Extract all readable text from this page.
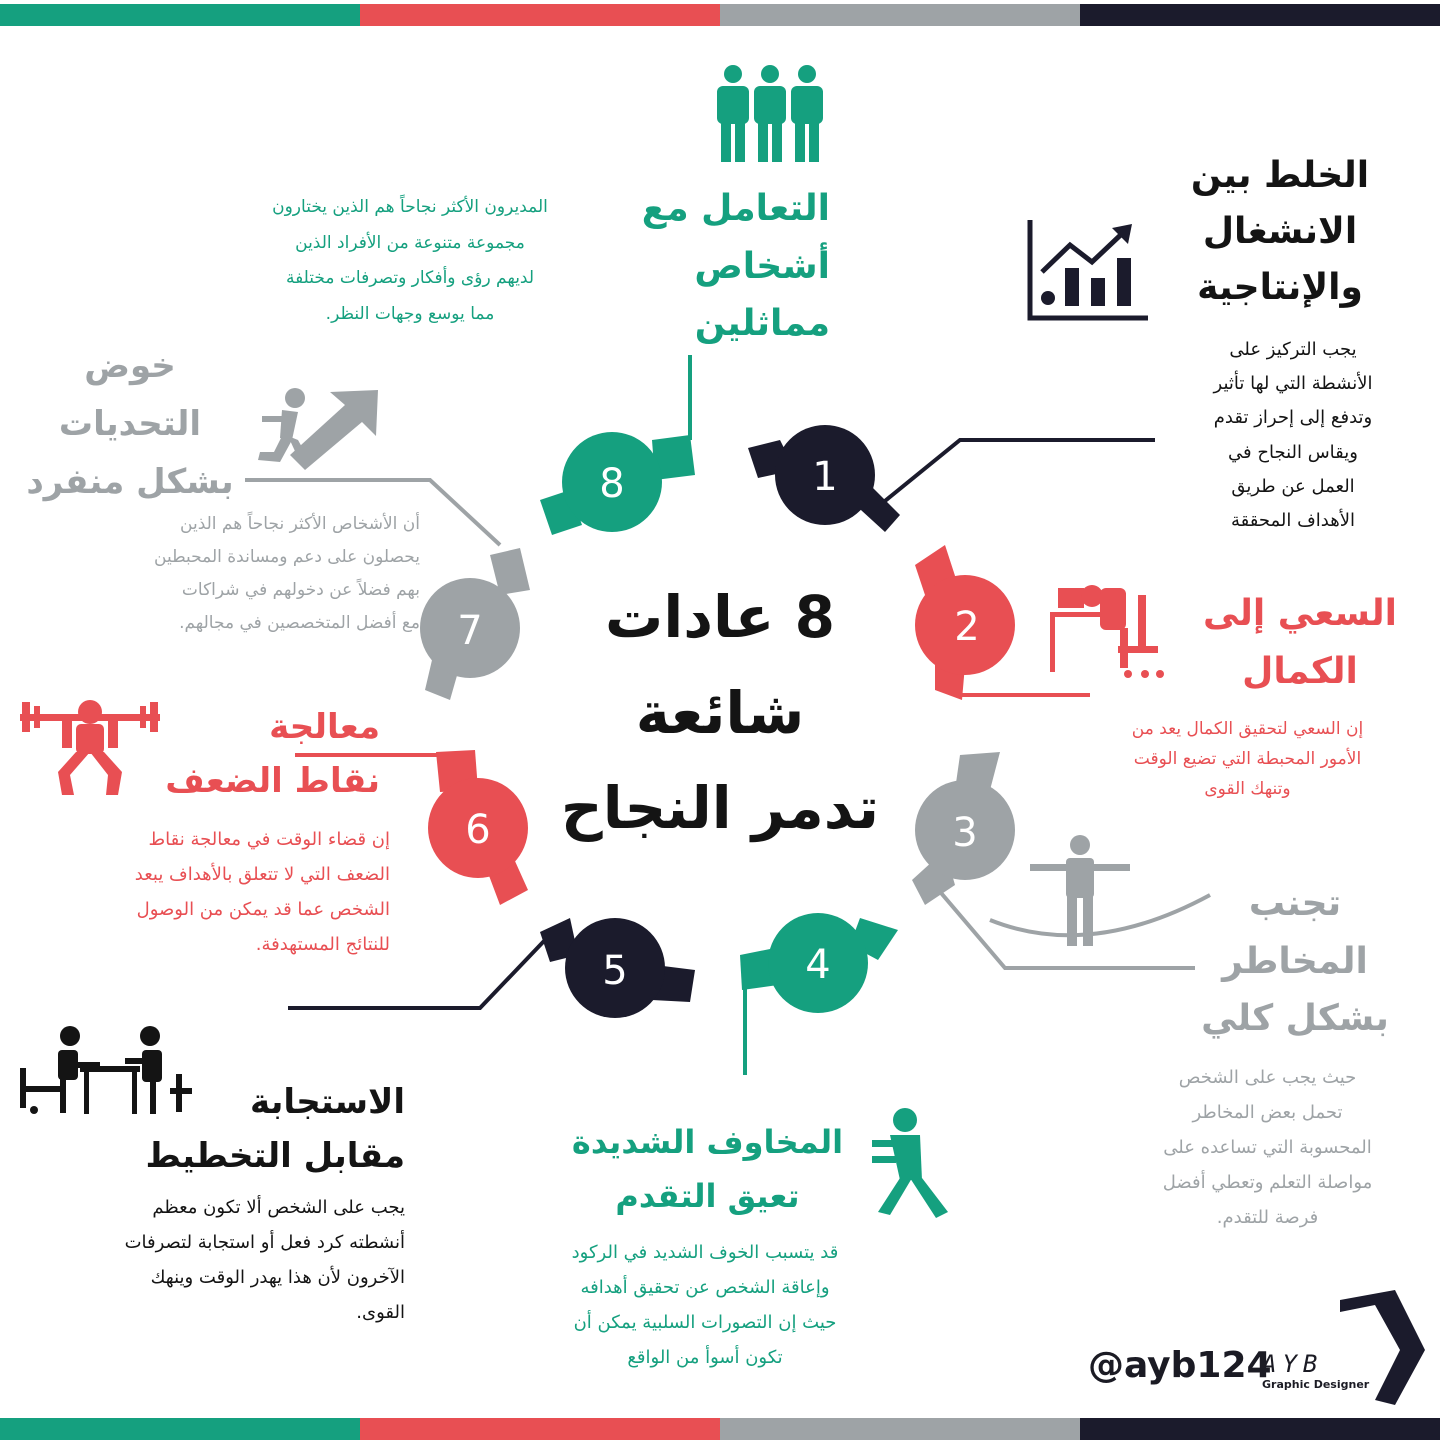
1
2
3
4
5
6
7
8
8 عادات
شائعة
تدمر النجاح
الخلط بين
الانشغال
والإنتاجية
يجب التركيز على
الأنشطة التي لها تأثير
وتدفع إلى إحراز تقدم
ويقاس النجاح في
العمل عن طريق
الأهداف المحققة
السعي إلى
الكمال
إن السعي لتحقيق الكمال يعد من
الأمور المحبطة التي تضيع الوقت
وتنهك القوى
تجنب
المخاطر
بشكل كلي
حيث يجب على الشخص
تحمل بعض المخاطر
المحسوبة التي تساعده على
مواصلة التعلم وتعطي أفضل
فرصة للتقدم.
المخاوف الشديدة
تعيق التقدم
قد يتسبب الخوف الشديد في الركود
وإعاقة الشخص عن تحقيق أهدافه
حيث إن التصورات السلبية يمكن أن
تكون أسوأ من الواقع
الاستجابة
مقابل التخطيط
يجب على الشخص ألا تكون معظم
أنشطته كرد فعل أو استجابة لتصرفات
الآخرون لأن هذا يهدر الوقت وينهك
القوى.
معالجة
نقاط الضعف
إن قضاء الوقت في معالجة نقاط
الضعف التي لا تتعلق بالأهداف يبعد
الشخص عما قد يمكن من الوصول
للنتائج المستهدفة.
خوض
التحديات
بشكل منفرد
أن الأشخاص الأكثر نجاحاً هم الذين
يحصلون على دعم ومساندة المحبطين
بهم فضلاً عن دخولهم في شراكات
مع أفضل المتخصصين في مجالهم.
التعامل مع
أشخاص
مماثلين
المديرون الأكثر نجاحاً هم الذين يختارون
مجموعة متنوعة من الأفراد الذين
لديهم رؤى وأفكار وتصرفات مختلفة
مما يوسع وجهات النظر.
@ayb124
AYB
Graphic Designer
